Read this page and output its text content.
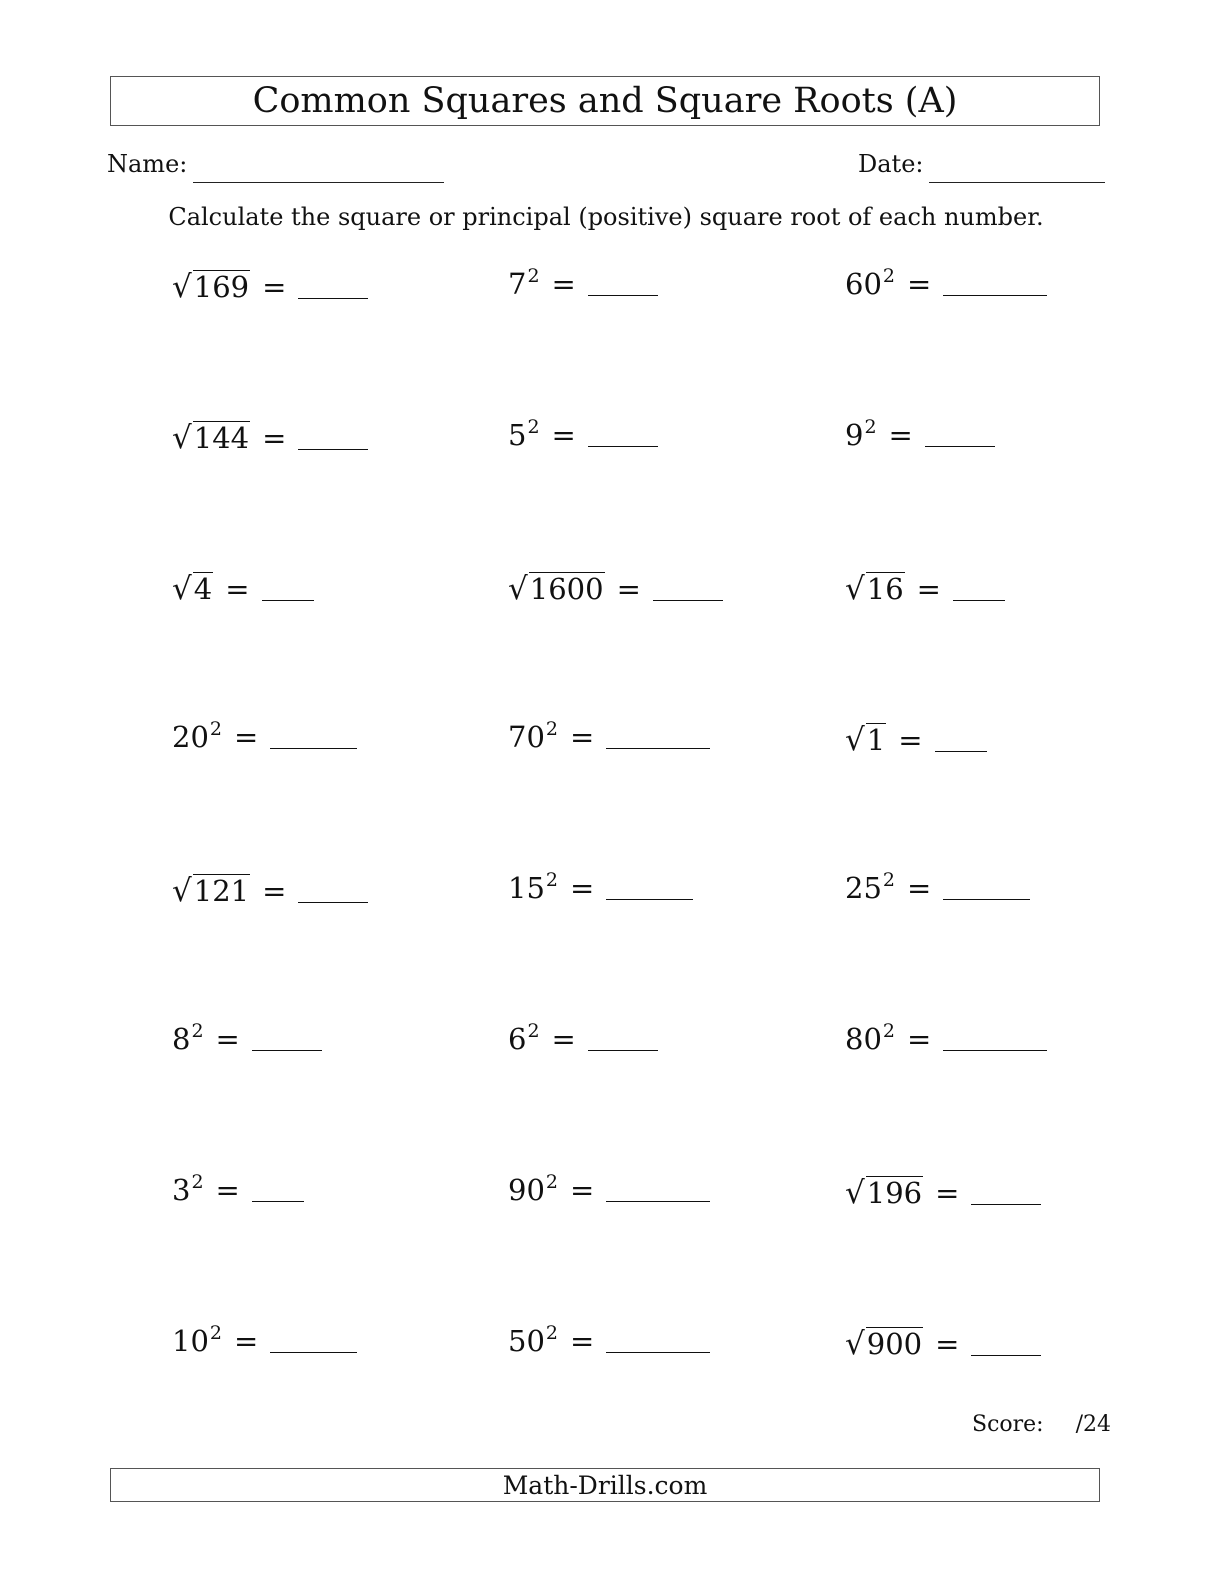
Common Squares and Square Roots (A)
Name:	Date:
Calculate the square or principal (positive) square root of each number.
√ 169 =	7 2 =	60 2 =
√ 144 =	5 2 =	9 2 =
√ 4 =	√ 1600 =	√ 16 =
20 2 =	70 2 =	√ 1 =
√ 121 =	15 2 =	25 2 =
8 2 =	6 2 =	80 2 =
3 2 =	90 2 =	√ 196 =
10 2 =	50 2 =	√ 900 =
Score: /24
Math-Drills.com
